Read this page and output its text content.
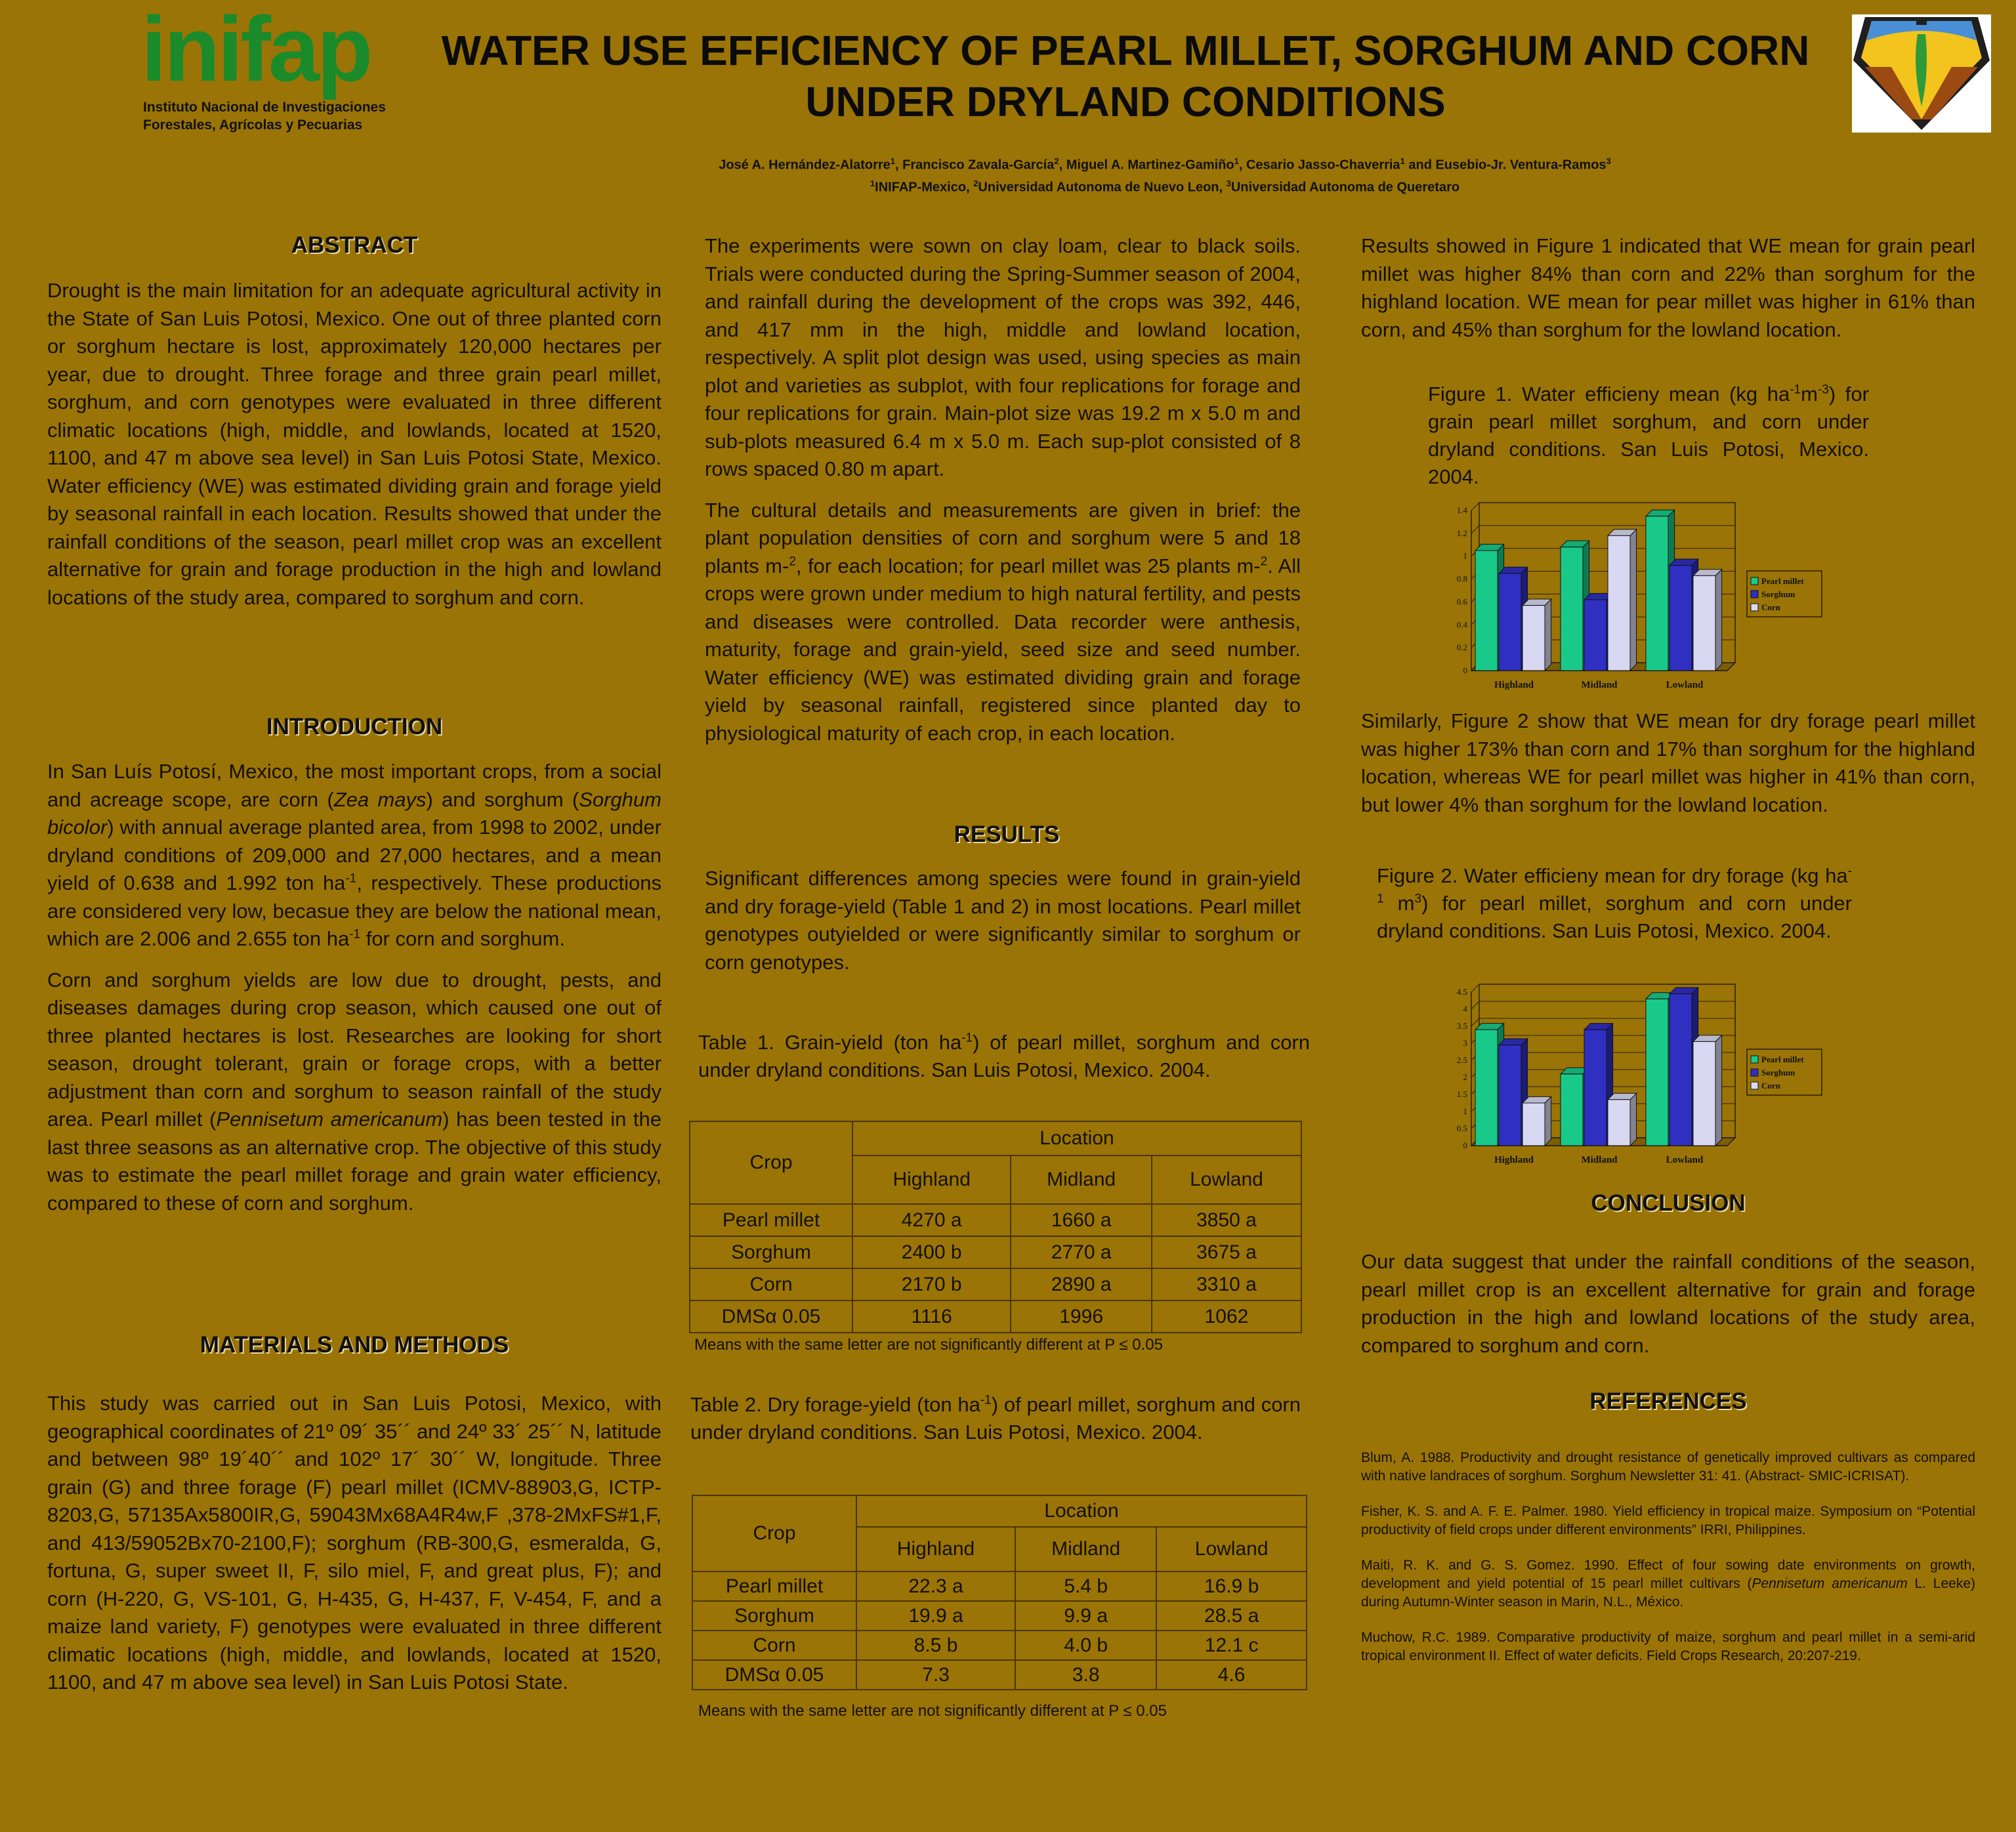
inifap
Instituto Nacional de Investigaciones
Forestales, Agrícolas y Pecuarias
WATER USE EFFICIENCY OF PEARL MILLET, SORGHUM AND CORN
UNDER DRYLAND CONDITIONS
José A. Hernández-Alatorre$^1$, Francisco Zavala-García$^2$, Miguel A. Martinez-Gamiño$^1$, Cesario Jasso-Chaverria$^1$ and Eusebio-Jr. Ventura-Ramos$^3$
$^1$INIFAP-Mexico, $^2$Universidad Autonoma de Nuevo Leon, $^3$Universidad Autonoma de Queretaro
ABSTRACT

Drought is the main limitation for an adequate agricultural activity in the State of San Luis Potosi, Mexico. One out of three planted corn or sorghum hectare is lost, approximately 120,000 hectares per year, due to drought. Three forage and three grain pearl millet, sorghum, and corn genotypes were evaluated in three different climatic locations (high, middle, and lowlands, located at 1520, 1100, and 47 m above sea level) in San Luis Potosi State, Mexico. Water efficiency (WE) was estimated dividing grain and forage yield by seasonal rainfall in each location. Results showed that under the rainfall conditions of the season, pearl millet crop was an excellent alternative for grain and forage production in the high and lowland locations of the study area, compared to sorghum and corn.

INTRODUCTION

In San Luís Potosí, Mexico, the most important crops, from a social and acreage scope, are corn (Zea mays) and sorghum (Sorghum bicolor) with annual average planted area, from 1998 to 2002, under dryland conditions of 209,000 and 27,000 hectares, and a mean yield of 0.638 and 1.992 ton $ha^{-1}$, respectively. These productions are considered very low, becasue they are below the national mean, which are 2.006 and 2.655 ton $ha^{-1}$ for corn and sorghum.

Corn and sorghum yields are low due to drought, pests, and diseases damages during crop season, which caused one out of three planted hectares is lost. Researches are looking for short season, drought tolerant, grain or forage crops, with a better adjustment than corn and sorghum to season rainfall of the study area. Pearl millet (Pennisetum americanum) has been tested in the last three seasons as an alternative crop. The objective of this study was to estimate the pearl millet forage and grain water efficiency, compared to these of corn and sorghum.

MATERIALS AND METHODS

This study was carried out in San Luis Potosi, Mexico, with geographical coordinates of 21º 09´ 35´´ and 24º 33´ 25´´ N, latitude and between 98º 19´40´´ and 102º 17´ 30´´ W, longitude. Three grain (G) and three forage (F) pearl millet (ICMV-88903,G, ICTP-8203,G, 57135Ax5800IR,G, 59043Mx68A4R4w,F ,378-2MxFS#1,F, and 413/59052Bx70-2100,F); sorghum (RB-300,G, esmeralda, G, fortuna, G, super sweet II, F, silo miel, F, and great plus, F); and corn (H-220, G, VS-101, G, H-435, G, H-437, F, V-454, F, and a maize land variety, F) genotypes were evaluated in three different climatic locations (high, middle, and lowlands, located at 1520, 1100, and 47 m above sea level) in San Luis Potosi State.

The experiments were sown on clay loam, clear to black soils. Trials were conducted during the Spring-Summer season of 2004, and rainfall during the development of the crops was 392, 446, and 417 mm in the high, middle and lowland location, respectively. A split plot design was used, using species as main plot and varieties as subplot, with four replications for forage and four replications for grain. Main-plot size was 19.2 m x 5.0 m and sub-plots measured 6.4 m x 5.0 m. Each sup-plot consisted of 8 rows spaced 0.80 m apart.

The cultural details and measurements are given in brief: the plant population densities of corn and sorghum were 5 and 18 plants m-$^2$, for each location; for pearl millet was 25 plants m-$^2$. All crops were grown under medium to high natural fertility, and pests and diseases were controlled. Data recorder were anthesis, maturity, forage and grain-yield, seed size and seed number. Water efficiency (WE) was estimated dividing grain and forage yield by seasonal rainfall, registered since planted day to physiological maturity of each crop, in each location.

RESULTS

Significant differences among species were found in grain-yield and dry forage-yield (Table 1 and 2) in most locations. Pearl millet genotypes outyielded or were significantly similar to sorghum or corn genotypes.

Table 1. Grain-yield (ton $ha^{-1}$) of pearl millet, sorghum and corn under dryland conditions. San Luis Potosi, Mexico. 2004.
Crop	Location		
	Highland	Midland	Lowland
Pearl millet	4270 a	1660 a	3850 a
Sorghum	2400 b	2770 a	3675 a
Corn	2170 b	2890 a	3310 a
DMSα 0.05	1116	1996	1062
Means with the same letter are not significantly different at P ≤ 0.05
Table 2. Dry forage-yield (ton $ha^{-1}$) of pearl millet, sorghum and corn under dryland conditions. San Luis Potosi, Mexico. 2004.
Crop	Location		
	Highland	Midland	Lowland
Pearl millet	22.3 a	5.4 b	16.9 b
Sorghum	19.9 a	9.9 a	28.5 a
Corn	8.5 b	4.0 b	12.1 c
DMSα 0.05	7.3	3.8	4.6
Means with the same letter are not significantly different at P ≤ 0.05

Results showed in Figure 1 indicated that WE mean for grain pearl millet was higher 84% than corn and 22% than sorghum for the highland location. WE mean for pear millet was higher in 61% than corn, and 45% than sorghum for the lowland location.

Figure 1. Water efficieny mean (kg $ha^{-1}m^{-3}$) for grain pearl millet sorghum, and corn under dryland conditions. San Luis Potosi, Mexico. 2004.
0
0.2
0.4
0.6
0.8
1
1.2
1.4
Highland	Midland	Lowland
Pearl millet
Sorghum
Corn

Similarly, Figure 2 show that WE mean for dry forage pearl millet was higher 173% than corn and 17% than sorghum for the highland location, whereas WE for pearl millet was higher in 41% than corn, but lower 4% than sorghum for the lowland location.

Figure 2. Water efficieny mean for dry forage (kg $ha^{-1}$ $m^3$) for pearl millet, sorghum and corn under dryland conditions. San Luis Potosi, Mexico. 2004.
0
0.5
1
1.5
2
2.5
3
3.5
4
4.5
Highland	Midland	Lowland
Pearl millet
Sorghum
Corn
CONCLUSION

Our data suggest that under the rainfall conditions of the season, pearl millet crop is an excellent alternative for grain and forage production in the high and lowland locations of the study area, compared to sorghum and corn.

REFERENCES

Blum, A. 1988. Productivity and drought resistance of genetically improved cultivars as compared with native landraces of sorghum. Sorghum Newsletter 31: 41. (Abstract- SMIC-ICRISAT).

Fisher, K. S. and A. F. E. Palmer. 1980. Yield efficiency in tropical maize. Symposium on “Potential productivity of field crops under different environments” IRRI, Philippines.

Maiti, R. K. and G. S. Gomez. 1990. Effect of four sowing date environments on growth, development and yield potential of 15 pearl millet cultivars (Pennisetum americanum L. Leeke) during Autumn-Winter season in Marin, N.L., México.

Muchow, R.C. 1989. Comparative productivity of maize, sorghum and pearl millet in a semi-arid tropical environment II. Effect of water deficits. Field Crops Research, 20:207-219.
